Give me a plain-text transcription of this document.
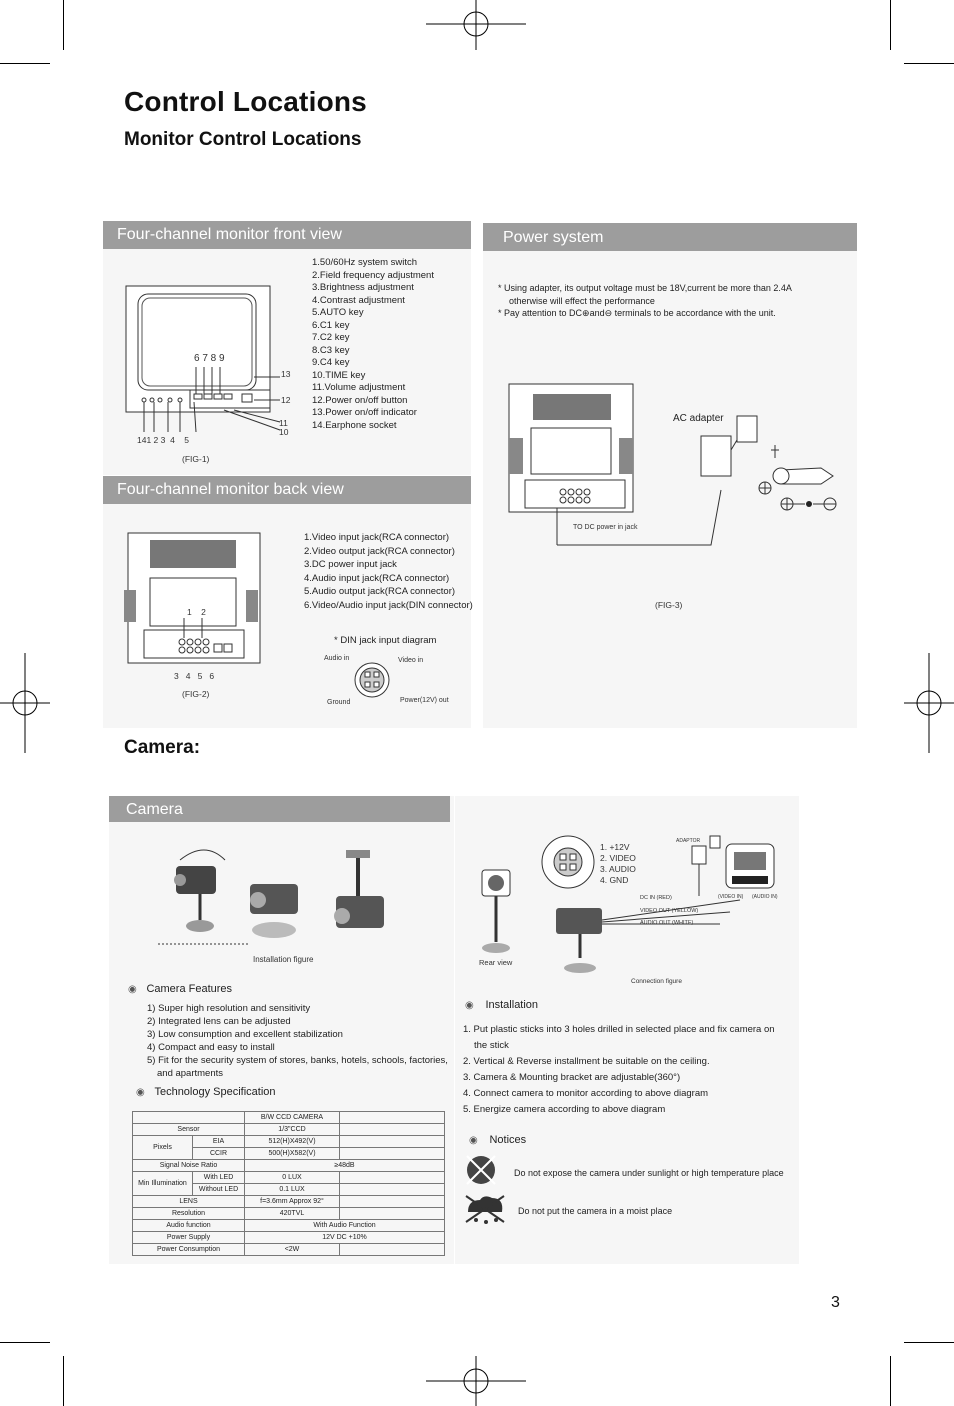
Control Locations
Monitor Control Locations
Four-channel monitor front view
6 7 8 9
13
12
11
10
141 2 3  4    5
(FIG-1)
1.50/60Hz system switch
2.Field frequency adjustment
3.Brightness adjustment
4.Contrast adjustment
5.AUTO key
6.C1 key
7.C2 key
8.C3 key
9.C4 key
10.TIME key
11.Volume adjustment
12.Power on/off button
13.Power on/off indicator
14.Earphone socket
Four-channel monitor back view
1    2
3   4   5   6
(FIG-2)
1.Video input jack(RCA connector)
2.Video output jack(RCA connector)
3.DC power input jack
4.Audio input jack(RCA connector)
5.Audio output jack(RCA connector)
6.Video/Audio input jack(DIN connector)
* DIN jack input diagram
Audio in	Video in
Ground	Power(12V) out
Power system
* Using adapter, its output voltage must be 18V,current be more than 2.4A otherwise will effect the performance
* Pay attention to DC⊕and⊖ terminals to be accordance with the unit.
AC adapter
TO DC power in jack
(FIG-3)
Camera:
Camera
Installation figure
◉ Camera Features
1) Super high resolution and sensitivity
2) Integrated lens can be adjusted
3) Low consumption and excellent stabilization
4) Compact and easy to install
5) Fit for the security system of stores, banks, hotels, schools, factories,
and apartments
◉ Technology Specification
		B/W CCD CAMERA	
Sensor		1/3"CCD	
Pixels	EIA	512(H)X492(V)	
	CCIR	500(H)X582(V)	
Signal Noise Ratio		≥48dB	
Min Illumination	With LED	0 LUX	
	Without LED	0.1 LUX	
LENS		f=3.6mm Approx 92°	
Resolution		420TVL	
Audio function		With Audio Function	
Power Supply		12V DC +10%	
Power Consumption		<2W	
1. +12V
2. VIDEO
3. AUDIO
4. GND
ADAPTOR
Rear view
DC IN (RED)
VIDEO OUT (YELLOW)
AUDIO OUT (WHITE)
(VIDEO IN) (AUDIO IN)
Connection figure
◉ Installation
1. Put plastic sticks into 3 holes drilled in selected place and fix camera on
the stick
2. Vertical & Reverse installment be suitable on the ceiling.
3. Camera & Mounting bracket are adjustable(360°)
4. Connect camera to monitor according to above diagram
5. Energize camera according to above diagram
◉ Notices
Do not expose the camera under sunlight or high temperature place
Do not put the camera in a moist place
3
